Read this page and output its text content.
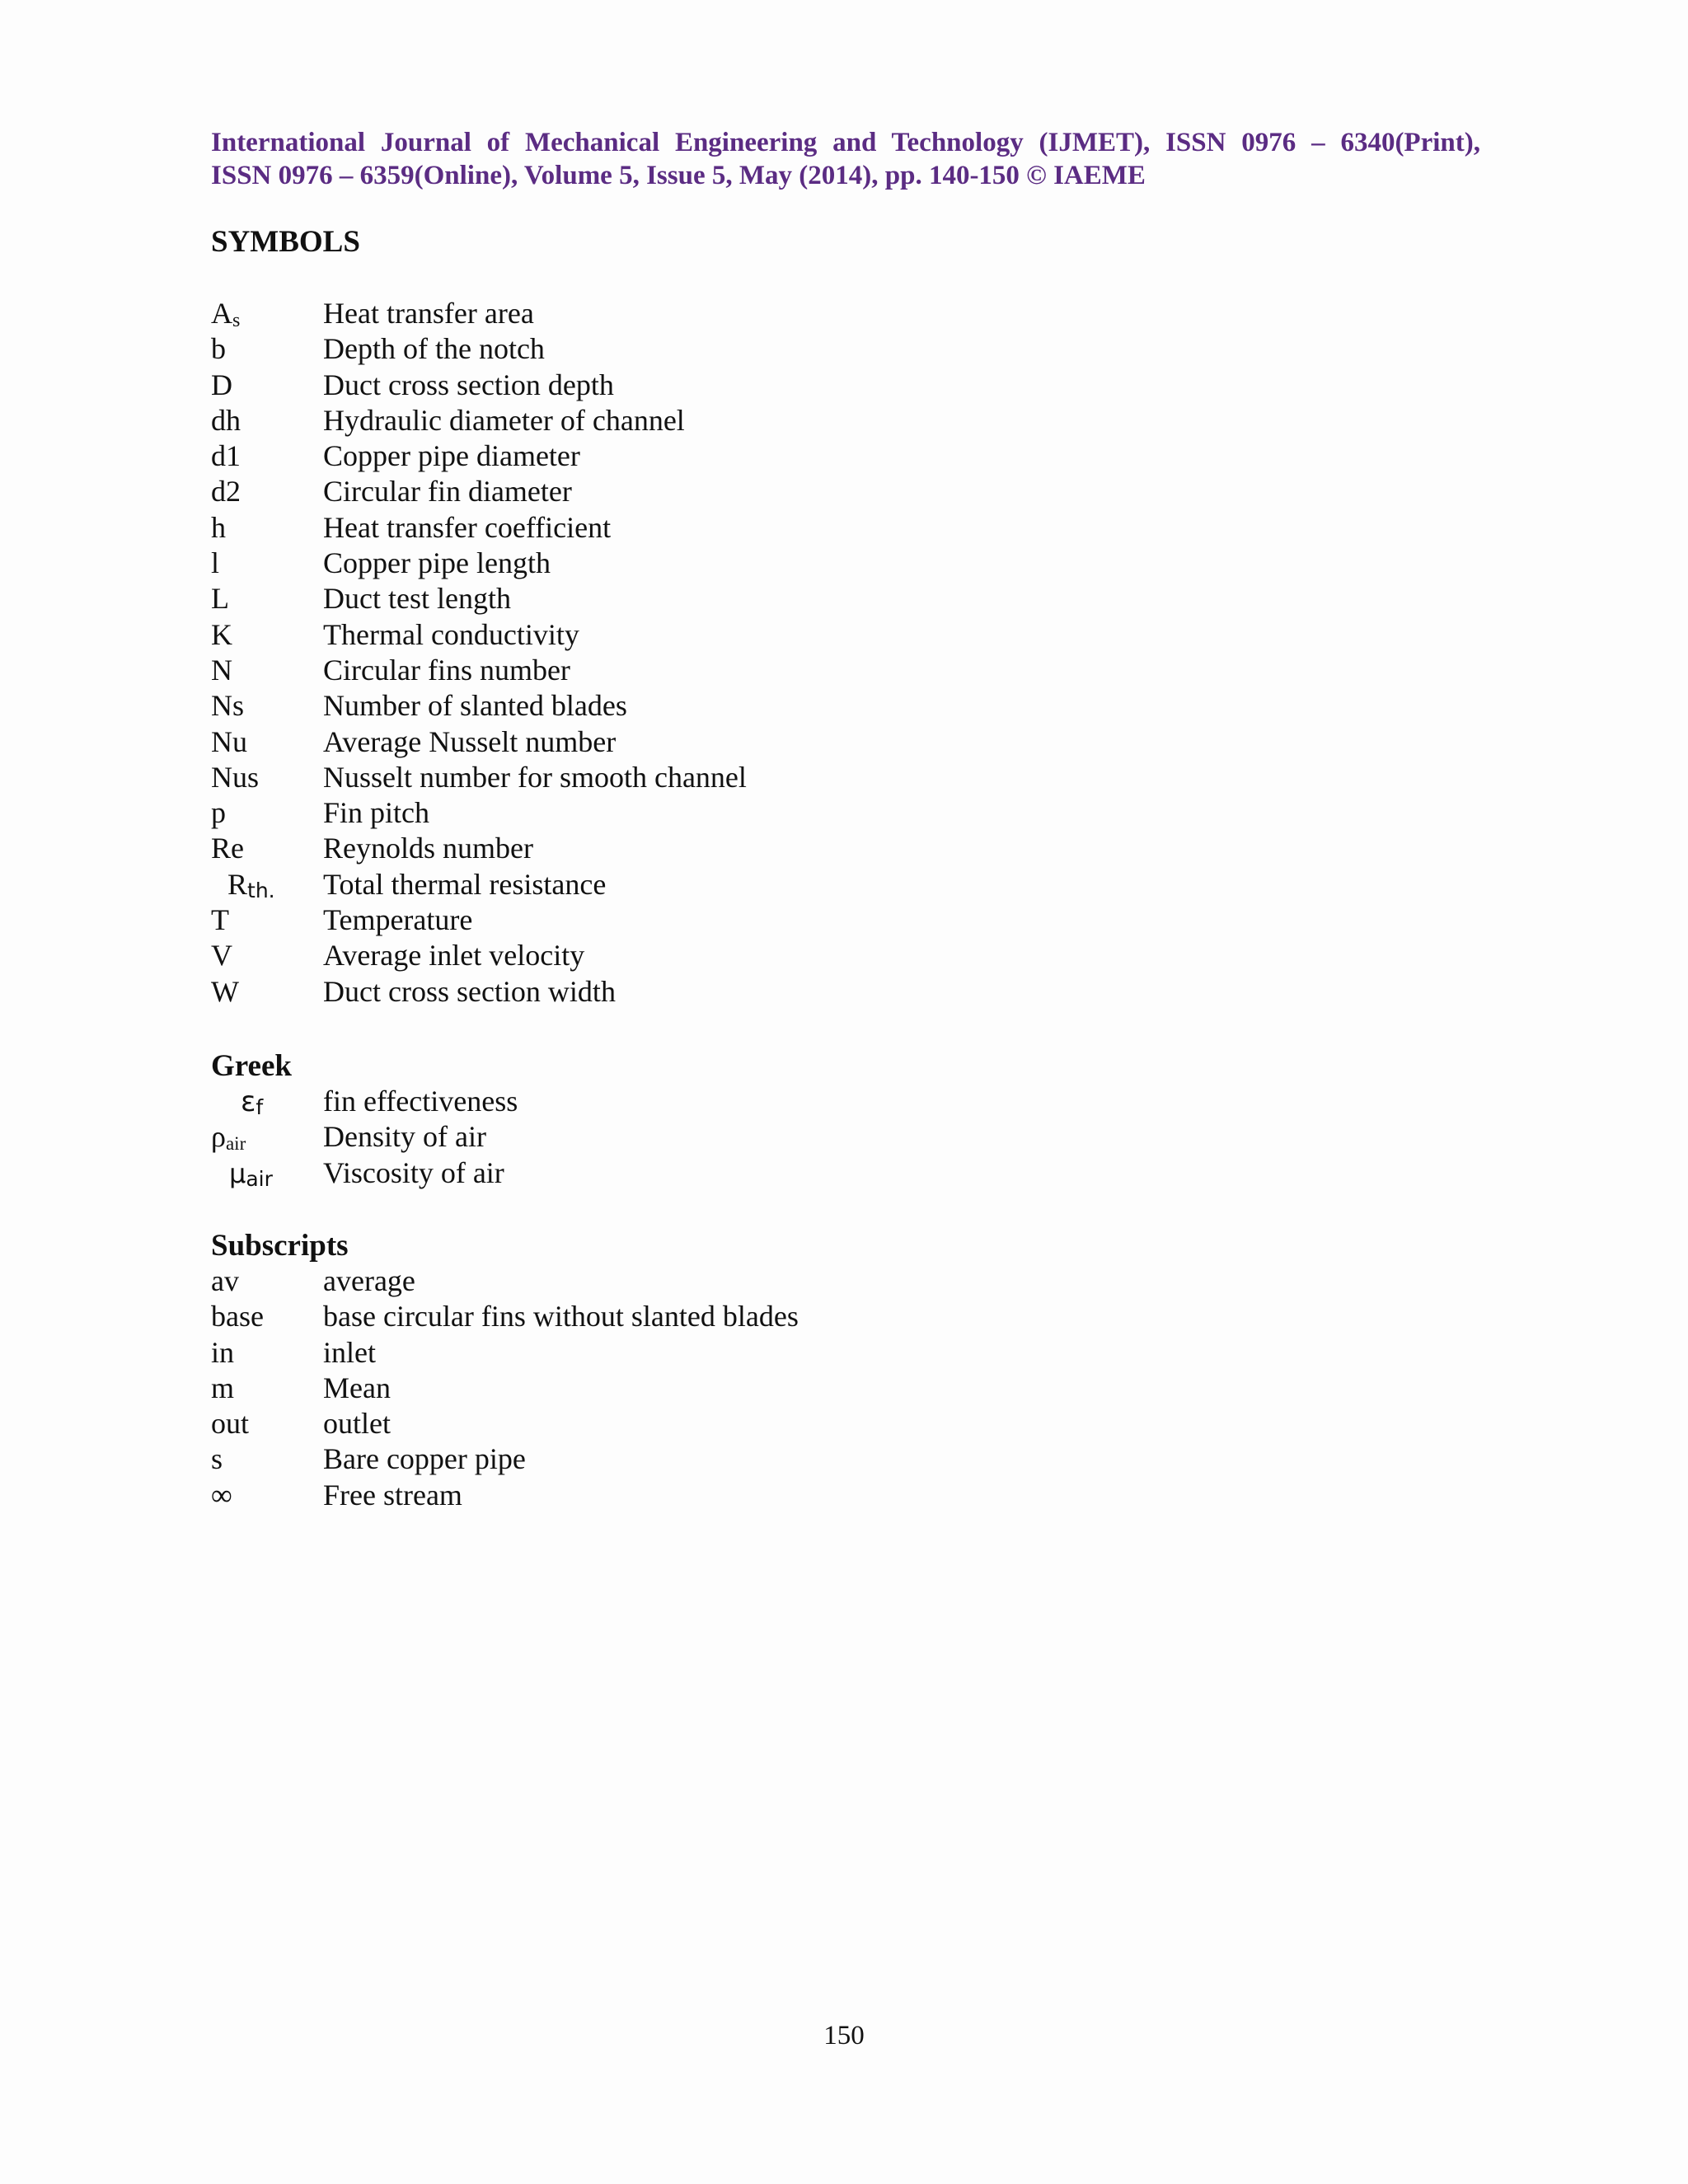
International Journal of Mechanical Engineering and Technology (IJMET), ISSN 0976 – 6340(Print),
ISSN 0976 – 6359(Online), Volume 5, Issue 5, May (2014), pp. 140-150 © IAEME
SYMBOLS
$A_s$	Heat transfer area
b	Depth of the notch
D	Duct cross section depth
dh	Hydraulic diameter of channel
d1	Copper pipe diameter
d2	Circular fin diameter
h	Heat transfer coefficient
l	Copper pipe length
L	Duct test length
K	Thermal conductivity
N	Circular fins number
Ns	Number of slanted blades
Nu	Average Nusselt number
Nus Nusselt number for smooth channel
p	Fin pitch
Re	Reynolds number
$R_{th.}$ Total thermal resistance
T	Temperature
V	Average inlet velocity
W	Duct cross section width
Greek
$\varepsilon_f$ fin effectiveness
$\rho_{air}$	Density of air
$\mu_{air}$ Viscosity of air
Subscripts
av	average
base base circular fins without slanted blades
in	inlet
m	Mean
out outlet
s	Bare copper pipe
∞	Free stream
150
